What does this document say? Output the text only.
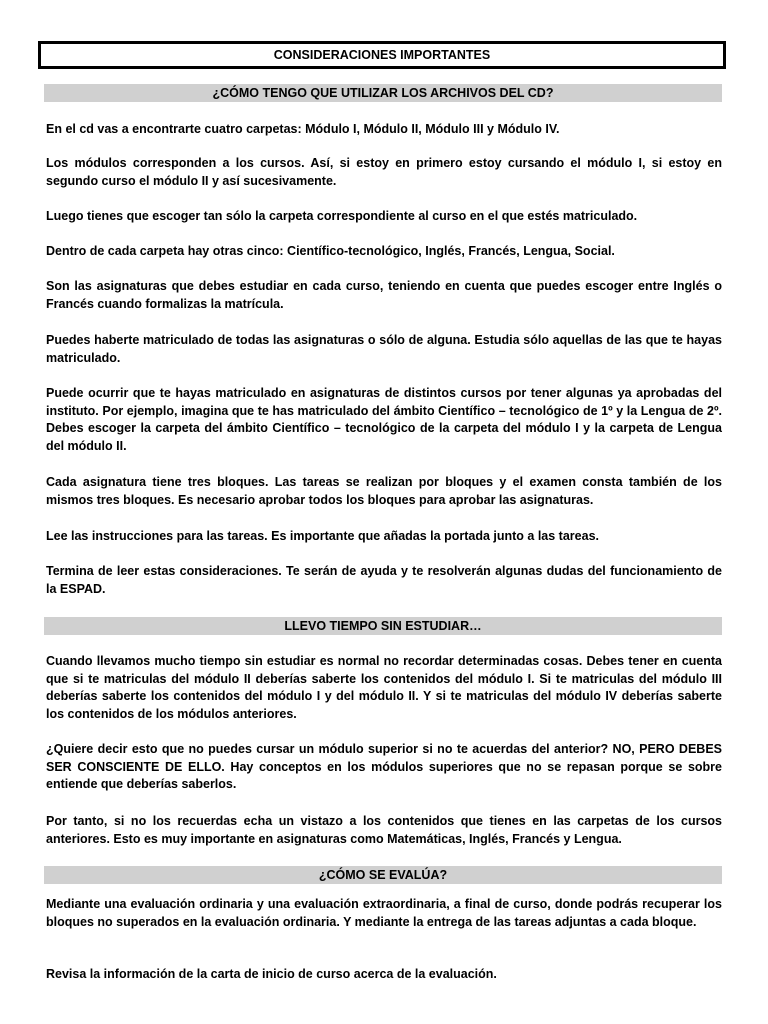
CONSIDERACIONES IMPORTANTES
¿CÓMO TENGO QUE UTILIZAR LOS ARCHIVOS DEL CD?

En el cd vas a encontrarte cuatro carpetas: Módulo I, Módulo II, Módulo III y Módulo IV.

Los módulos corresponden a los cursos. Así, si estoy en primero estoy cursando el módulo I, si estoy en segundo curso el módulo II y así sucesivamente.

Luego tienes que escoger tan sólo la carpeta correspondiente al curso en el que estés matriculado.

Dentro de cada carpeta hay otras cinco: Científico-tecnológico, Inglés, Francés, Lengua, Social.

Son las asignaturas que debes estudiar en cada curso, teniendo en cuenta que puedes escoger entre Inglés o Francés cuando formalizas la matrícula.

Puedes haberte matriculado de todas las asignaturas o sólo de alguna. Estudia sólo aquellas de las que te hayas matriculado.

Puede ocurrir que te hayas matriculado en asignaturas de distintos cursos por tener algunas ya aprobadas del instituto. Por ejemplo, imagina que te has matriculado del ámbito Científico – tecnológico de 1º y la Lengua de 2º. Debes escoger la carpeta del ámbito Científico – tecnológico de la carpeta del módulo I y la carpeta de Lengua del módulo II.

Cada asignatura tiene tres bloques. Las tareas se realizan por bloques y el examen consta también de los mismos tres bloques. Es necesario aprobar todos los bloques para aprobar las asignaturas.

Lee las instrucciones para las tareas. Es importante que añadas la portada junto a las tareas.

Termina de leer estas consideraciones. Te serán de ayuda y te resolverán algunas dudas del funcionamiento de la ESPAD.

LLEVO TIEMPO SIN ESTUDIAR…

Cuando llevamos mucho tiempo sin estudiar es normal no recordar determinadas cosas. Debes tener en cuenta que si te matriculas del módulo II deberías saberte los contenidos del módulo I. Si te matriculas del módulo III deberías saberte los contenidos del módulo I y del módulo II. Y si te matriculas del módulo IV deberías saberte los contenidos de los módulos anteriores.

¿Quiere decir esto que no puedes cursar un módulo superior si no te acuerdas del anterior? NO, PERO DEBES SER CONSCIENTE DE ELLO. Hay conceptos en los módulos superiores que no se repasan porque se sobre entiende que deberías saberlos.

Por tanto, si no los recuerdas echa un vistazo a los contenidos que tienes en las carpetas de los cursos anteriores. Esto es muy importante en asignaturas como Matemáticas, Inglés, Francés y Lengua.

¿CÓMO SE EVALÚA?

Mediante una evaluación ordinaria y una evaluación extraordinaria, a final de curso, donde podrás recuperar los bloques no superados en la evaluación ordinaria. Y mediante la entrega de las tareas adjuntas a cada bloque.

Revisa la información de la carta de inicio de curso acerca de la evaluación.
